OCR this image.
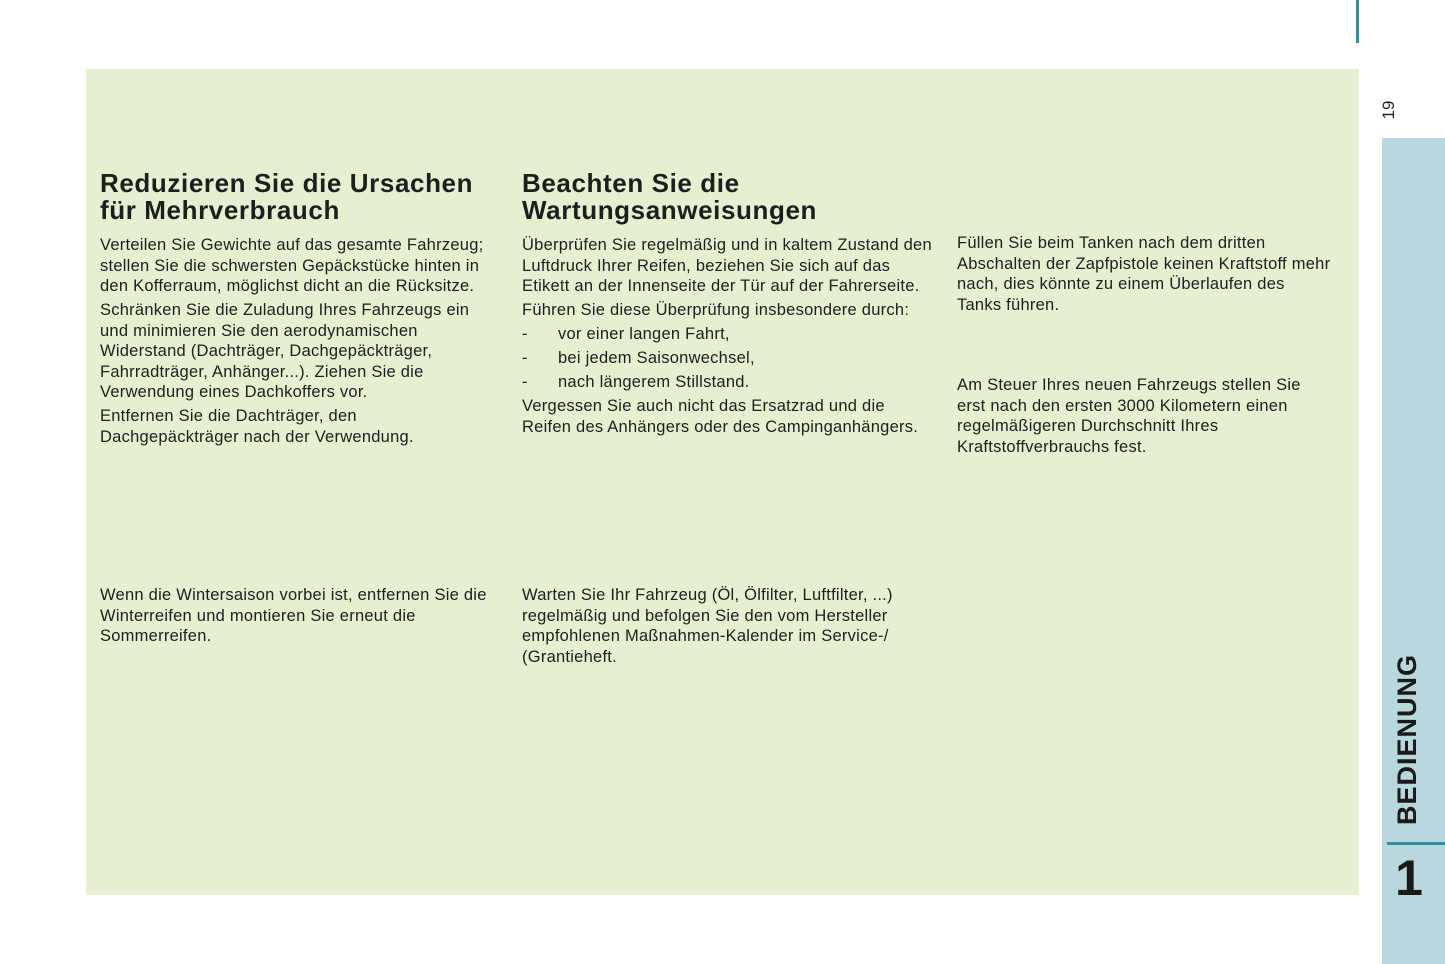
19
BEDIENUNG
1
Reduzieren Sie die Ursachen für Mehrverbrauch

Verteilen Sie Gewichte auf das gesamte Fahrzeug; stellen Sie die schwersten Gepäckstücke hinten in den Kofferraum, möglichst dicht an die Rücksitze.

Schränken Sie die Zuladung Ihres Fahrzeugs ein und minimieren Sie den aerodynamischen Widerstand (Dachträger, Dachgepäckträger, Fahrradträger, Anhänger...). Ziehen Sie die Verwendung eines Dachkoffers vor.

Entfernen Sie die Dachträger, den Dachgepäckträger nach der Verwendung.

Wenn die Wintersaison vorbei ist, entfernen Sie die Winterreifen und montieren Sie erneut die Sommerreifen.

Beachten Sie die Wartungsanweisungen

Überprüfen Sie regelmäßig und in kaltem Zustand den Luftdruck Ihrer Reifen, beziehen Sie sich auf das Etikett an der Innenseite der Tür auf der Fahrerseite.

Führen Sie diese Überprüfung insbesondere durch:

-	vor einer langen Fahrt,
-	bei jedem Saisonwechsel,
-	nach längerem Stillstand.

Vergessen Sie auch nicht das Ersatzrad und die Reifen des Anhängers oder des Campinganhängers.

Warten Sie Ihr Fahrzeug (Öl, Ölfilter, Luftfilter, ...) regelmäßig und befolgen Sie den vom Hersteller empfohlenen Maßnahmen-Kalender im Service-/ (Grantieheft.

Füllen Sie beim Tanken nach dem dritten Abschalten der Zapfpistole keinen Kraftstoff mehr nach, dies könnte zu einem Überlaufen des Tanks führen.

Am Steuer Ihres neuen Fahrzeugs stellen Sie erst nach den ersten 3000 Kilometern einen regelmäßigeren Durchschnitt Ihres Kraftstoffverbrauchs fest.
